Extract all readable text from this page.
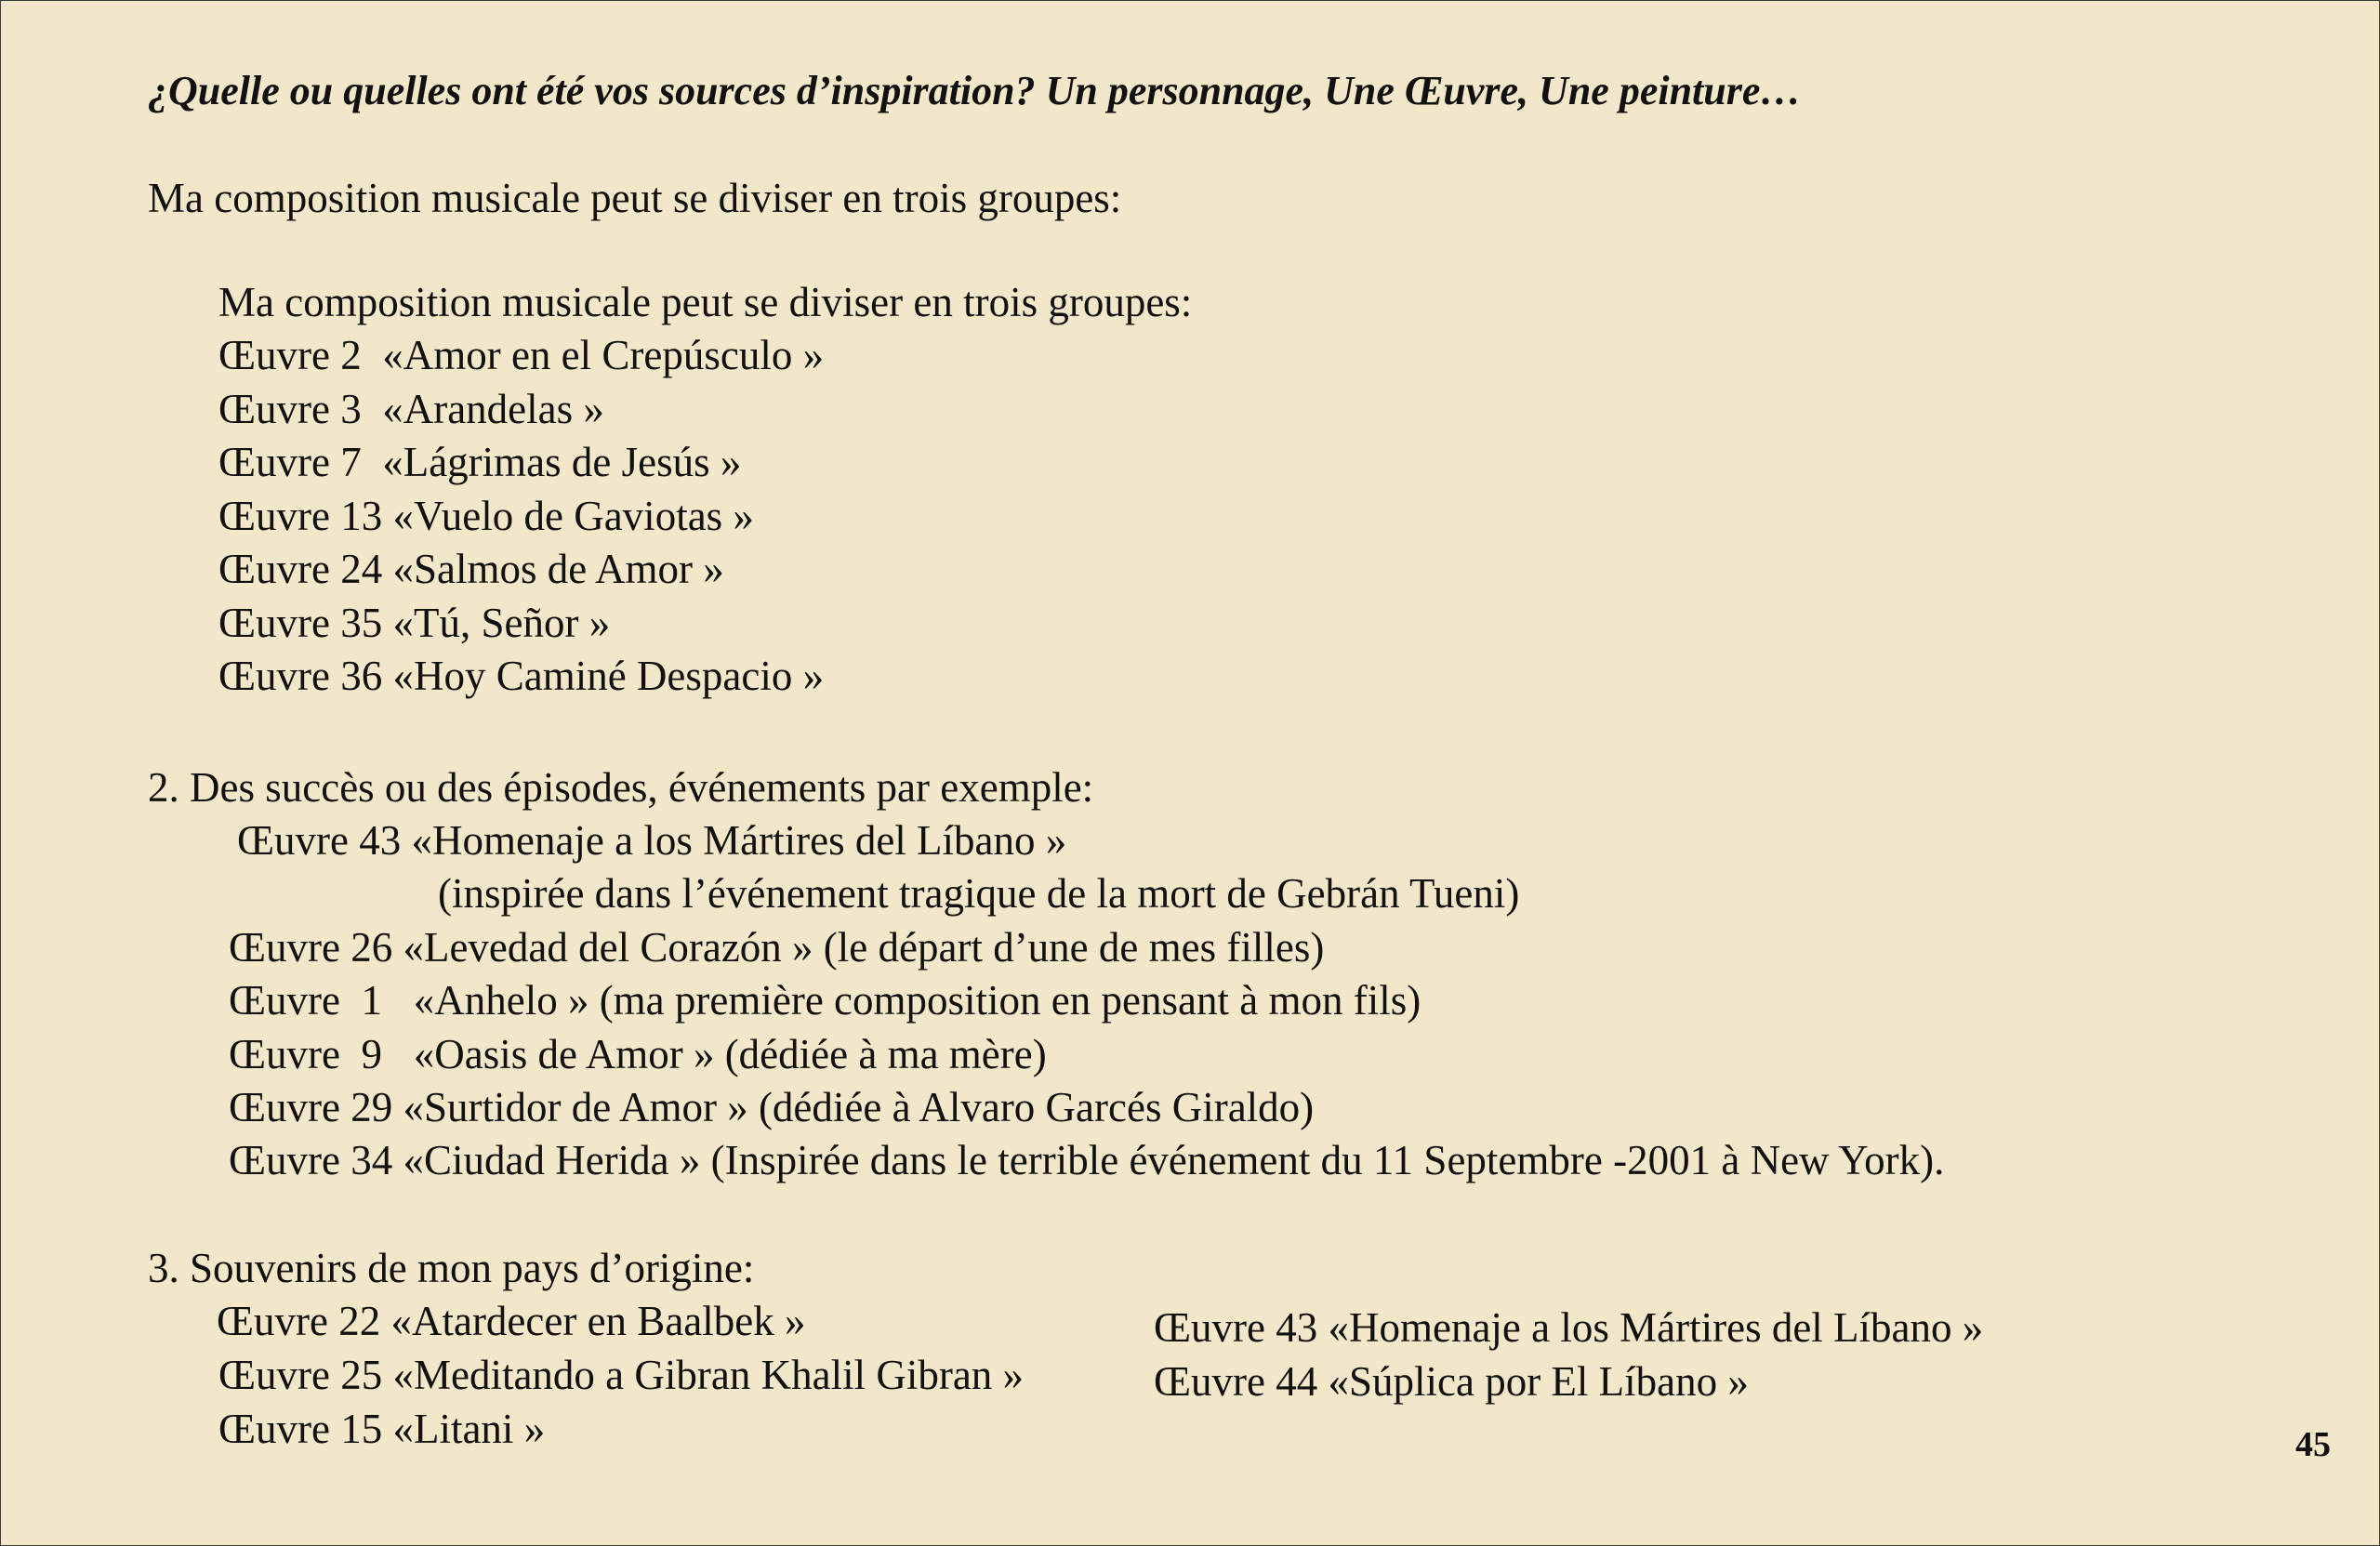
¿Quelle ou quelles ont été vos sources d’inspiration? Un personnage, Une Œuvre, Une peinture…
Ma composition musicale peut se diviser en trois groupes:
Ma composition musicale peut se diviser en trois groupes:
Œuvre 2  «Amor en el Crepúsculo »
Œuvre 3  «Arandelas »
Œuvre 7  «Lágrimas de Jesús »
Œuvre 13 «Vuelo de Gaviotas »
Œuvre 24 «Salmos de Amor »
Œuvre 35 «Tú, Señor »
Œuvre 36 «Hoy Caminé Despacio »
2. Des succès ou des épisodes, événements par exemple:
Œuvre 43 «Homenaje a los Mártires del Líbano »
(inspirée dans l’événement tragique de la mort de Gebrán Tueni)
Œuvre 26 «Levedad del Corazón » (le départ d’une de mes filles)
Œuvre  1   «Anhelo » (ma première composition en pensant à mon fils)
Œuvre  9   «Oasis de Amor » (dédiée à ma mère)
Œuvre 29 «Surtidor de Amor » (dédiée à Alvaro Garcés Giraldo)
Œuvre 34 «Ciudad Herida » (Inspirée dans le terrible événement du 11 Septembre -2001 à New York).
3. Souvenirs de mon pays d’origine:
Œuvre 22 «Atardecer en Baalbek »
Œuvre 25 «Meditando a Gibran Khalil Gibran »
Œuvre 15 «Litani »
Œuvre 43 «Homenaje a los Mártires del Líbano »
Œuvre 44 «Súplica por El Líbano »
45
